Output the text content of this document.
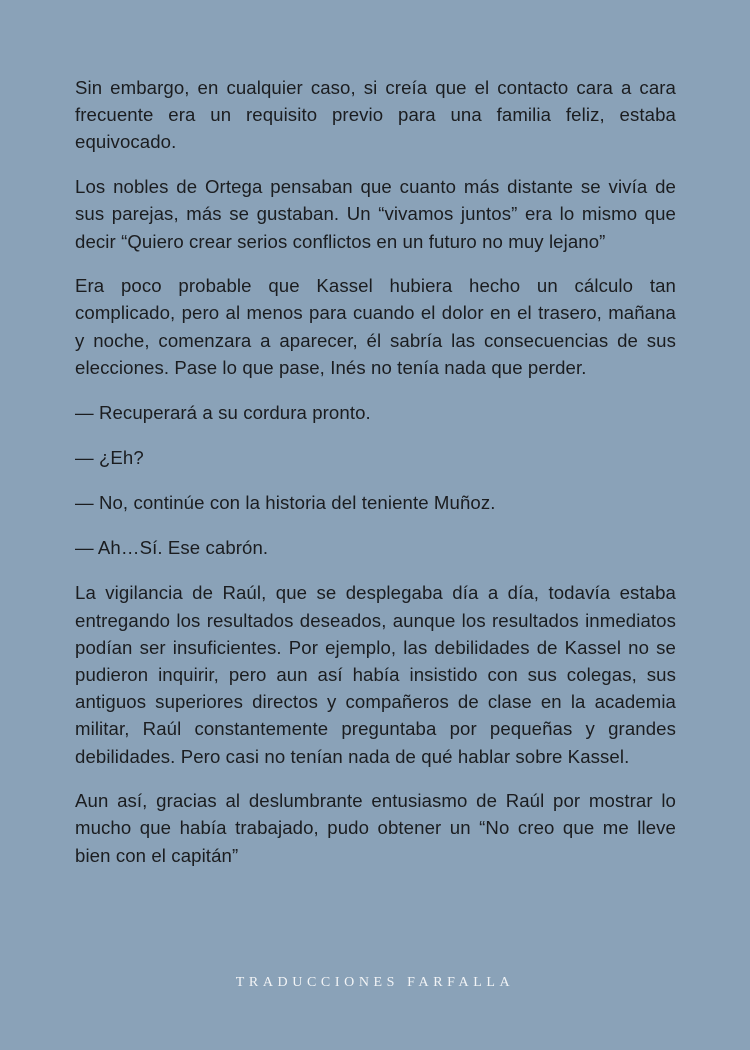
Sin embargo, en cualquier caso, si creía que el contacto cara a cara frecuente era un requisito previo para una familia feliz, estaba equivocado.

Los nobles de Ortega pensaban que cuanto más distante se vivía de sus parejas, más se gustaban. Un “vivamos juntos” era lo mismo que decir “Quiero crear serios conflictos en un futuro no muy lejano”

Era poco probable que Kassel hubiera hecho un cálculo tan complicado, pero al menos para cuando el dolor en el trasero, mañana y noche, comenzara a aparecer, él sabría las consecuencias de sus elecciones. Pase lo que pase, Inés no tenía nada que perder.

— Recuperará a su cordura pronto.

— ¿Eh?

— No, continúe con la historia del teniente Muñoz.

— Ah…Sí. Ese cabrón.

La vigilancia de Raúl, que se desplegaba día a día, todavía estaba entregando los resultados deseados, aunque los resultados inmediatos podían ser insuficientes. Por ejemplo, las debilidades de Kassel no se pudieron inquirir, pero aun así había insistido con sus colegas, sus antiguos superiores directos y compañeros de clase en la academia militar, Raúl constantemente preguntaba por pequeñas y grandes debilidades. Pero casi no tenían nada de qué hablar sobre Kassel.

Aun así, gracias al deslumbrante entusiasmo de Raúl por mostrar lo mucho que había trabajado, pudo obtener un “No creo que me lleve bien con el capitán”

TRADUCCIONES FARFALLA
